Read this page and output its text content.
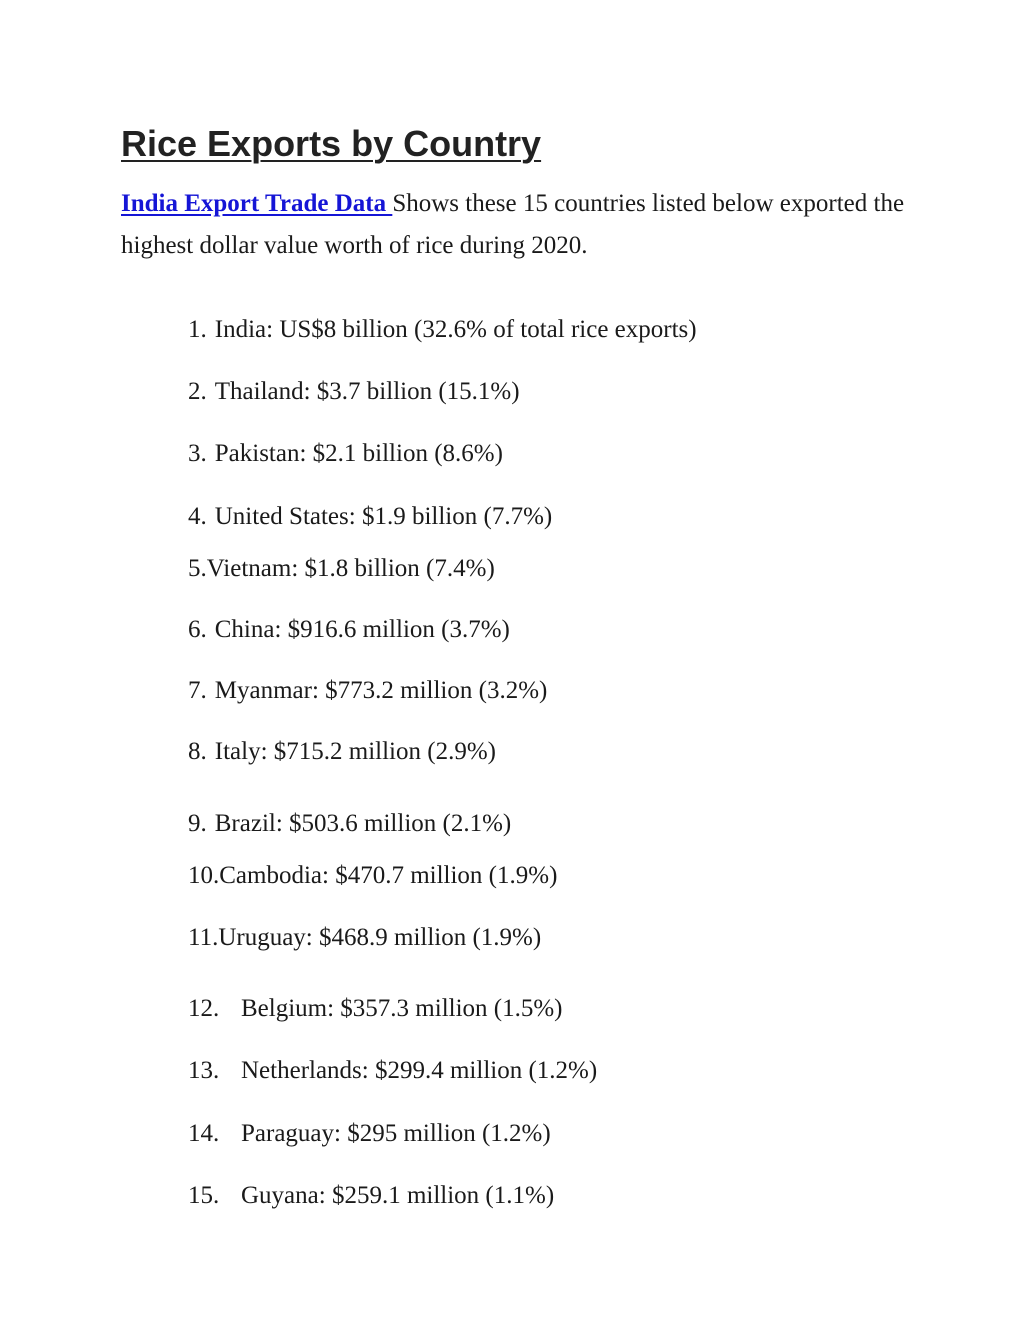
Rice Exports by Country

India Export Trade Data Shows these 15 countries listed below exported the highest dollar value worth of rice during 2020.

1. India: US$8 billion (32.6% of total rice exports)
2. Thailand: $3.7 billion (15.1%)
3. Pakistan: $2.1 billion (8.6%)
4. United States: $1.9 billion (7.7%)
5.Vietnam: $1.8 billion (7.4%)
6. China: $916.6 million (3.7%)
7. Myanmar: $773.2 million (3.2%)
8. Italy: $715.2 million (2.9%)
9. Brazil: $503.6 million (2.1%)
10.Cambodia: $470.7 million (1.9%)
11.Uruguay: $468.9 million (1.9%)
12. Belgium: $357.3 million (1.5%)
13. Netherlands: $299.4 million (1.2%)
14. Paraguay: $295 million (1.2%)
15. Guyana: $259.1 million (1.1%)
